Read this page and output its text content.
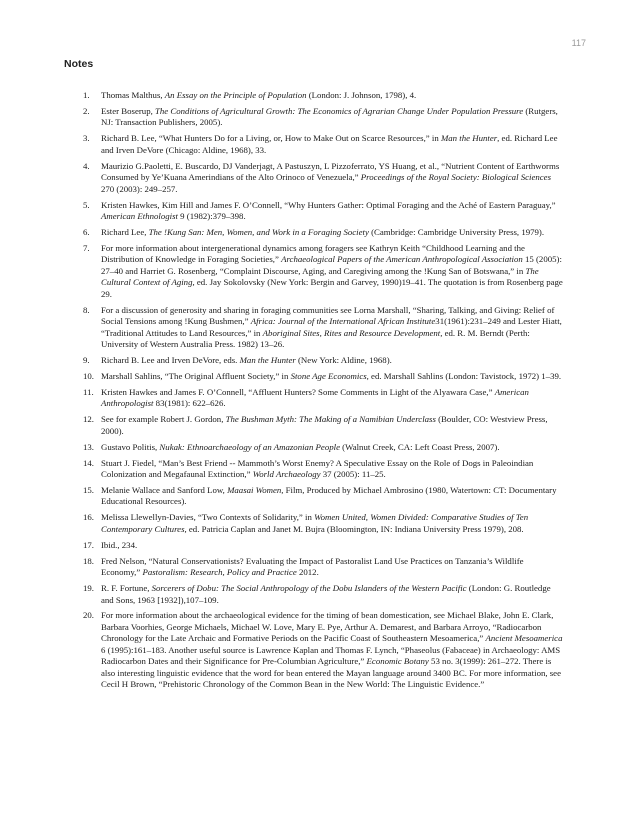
117
Notes
1. Thomas Malthus, An Essay on the Principle of Population (London: J. Johnson, 1798), 4.
2. Ester Boserup, The Conditions of Agricultural Growth: The Economics of Agrarian Change Under Population Pressure (Rutgers, NJ: Transaction Publishers, 2005).
3. Richard B. Lee, “What Hunters Do for a Living, or, How to Make Out on Scarce Resources,” in Man the Hunter, ed. Richard Lee and Irven DeVore (Chicago: Aldine, 1968), 33.
4. Maurizio G.Paoletti, E. Buscardo, DJ Vanderjagt, A Pastuszyn, L Pizzoferrato, YS Huang, et al., “Nutrient Content of Earthworms Consumed by Ye’Kuana Amerindians of the Alto Orinoco of Venezuela,” Proceedings of the Royal Society: Biological Sciences 270 (2003): 249–257.
5. Kristen Hawkes, Kim Hill and James F. O’Connell, “Why Hunters Gather: Optimal Foraging and the Aché of Eastern Paraguay,” American Ethnologist 9 (1982):379–398.
6. Richard Lee, The !Kung San: Men, Women, and Work in a Foraging Society (Cambridge: Cambridge University Press, 1979).
7. For more information about intergenerational dynamics among foragers see Kathryn Keith “Childhood Learning and the Distribution of Knowledge in Foraging Societies,” Archaeological Papers of the American Anthropological Association 15 (2005): 27–40 and Harriet G. Rosenberg, “Complaint Discourse, Aging, and Caregiving among the !Kung San of Botswana,” in The Cultural Context of Aging, ed. Jay Sokolovsky (New York: Bergin and Garvey, 1990)19–41. The quotation is from Rosenberg page 29.
8. For a discussion of generosity and sharing in foraging communities see Lorna Marshall, “Sharing, Talking, and Giving: Relief of Social Tensions among !Kung Bushmen,” Africa: Journal of the International African Institute31(1961):231–249 and Lester Hiatt, “Traditional Attitudes to Land Resources,” in Aboriginal Sites, Rites and Resource Development, ed. R. M. Berndt (Perth: University of Western Australia Press. 1982) 13–26.
9. Richard B. Lee and Irven DeVore, eds. Man the Hunter (New York: Aldine, 1968).
10. Marshall Sahlins, “The Original Affluent Society,” in Stone Age Economics, ed. Marshall Sahlins (London: Tavistock, 1972) 1–39.
11. Kristen Hawkes and James F. O’Connell, “Affluent Hunters? Some Comments in Light of the Alyawara Case,” American Anthropologist 83(1981): 622–626.
12. See for example Robert J. Gordon, The Bushman Myth: The Making of a Namibian Underclass (Boulder, CO: Westview Press, 2000).
13. Gustavo Politis, Nukak: Ethnoarchaeology of an Amazonian People (Walnut Creek, CA: Left Coast Press, 2007).
14. Stuart J. Fiedel, “Man’s Best Friend -- Mammoth’s Worst Enemy? A Speculative Essay on the Role of Dogs in Paleoindian Colonization and Megafaunal Extinction,” World Archaeology 37 (2005): 11–25.
15. Melanie Wallace and Sanford Low, Maasai Women, Film, Produced by Michael Ambrosino (1980, Watertown: CT: Documentary Educational Resources).
16. Melissa Llewellyn-Davies, “Two Contexts of Solidarity,” in Women United, Women Divided: Comparative Studies of Ten Contemporary Cultures, ed. Patricia Caplan and Janet M. Bujra (Bloomington, IN: Indiana University Press 1979), 208.
17. Ibid., 234.
18. Fred Nelson, “Natural Conservationists? Evaluating the Impact of Pastoralist Land Use Practices on Tanzania’s Wildlife Economy,” Pastoralism: Research, Policy and Practice 2012.
19. R. F. Fortune, Sorcerers of Dobu: The Social Anthropology of the Dobu Islanders of the Western Pacific (London: G. Routledge and Sons, 1963 [1932]),107–109.
20. For more information about the archaeological evidence for the timing of bean domestication, see Michael Blake, John E. Clark, Barbara Voorhies, George Michaels, Michael W. Love, Mary E. Pye, Arthur A. Demarest, and Barbara Arroyo, “Radiocarbon Chronology for the Late Archaic and Formative Periods on the Pacific Coast of Southeastern Mesoamerica,” Ancient Mesoamerica 6 (1995):161–183. Another useful source is Lawrence Kaplan and Thomas F. Lynch, “Phaseolus (Fabaceae) in Archaeology: AMS Radiocarbon Dates and their Significance for Pre-Columbian Agriculture,” Economic Botany 53 no. 3(1999): 261–272. There is also interesting linguistic evidence that the word for bean entered the Mayan language around 3400 BC. For more information, see Cecil H Brown, “Prehistoric Chronology of the Common Bean in the New World: The Linguistic Evidence.”
